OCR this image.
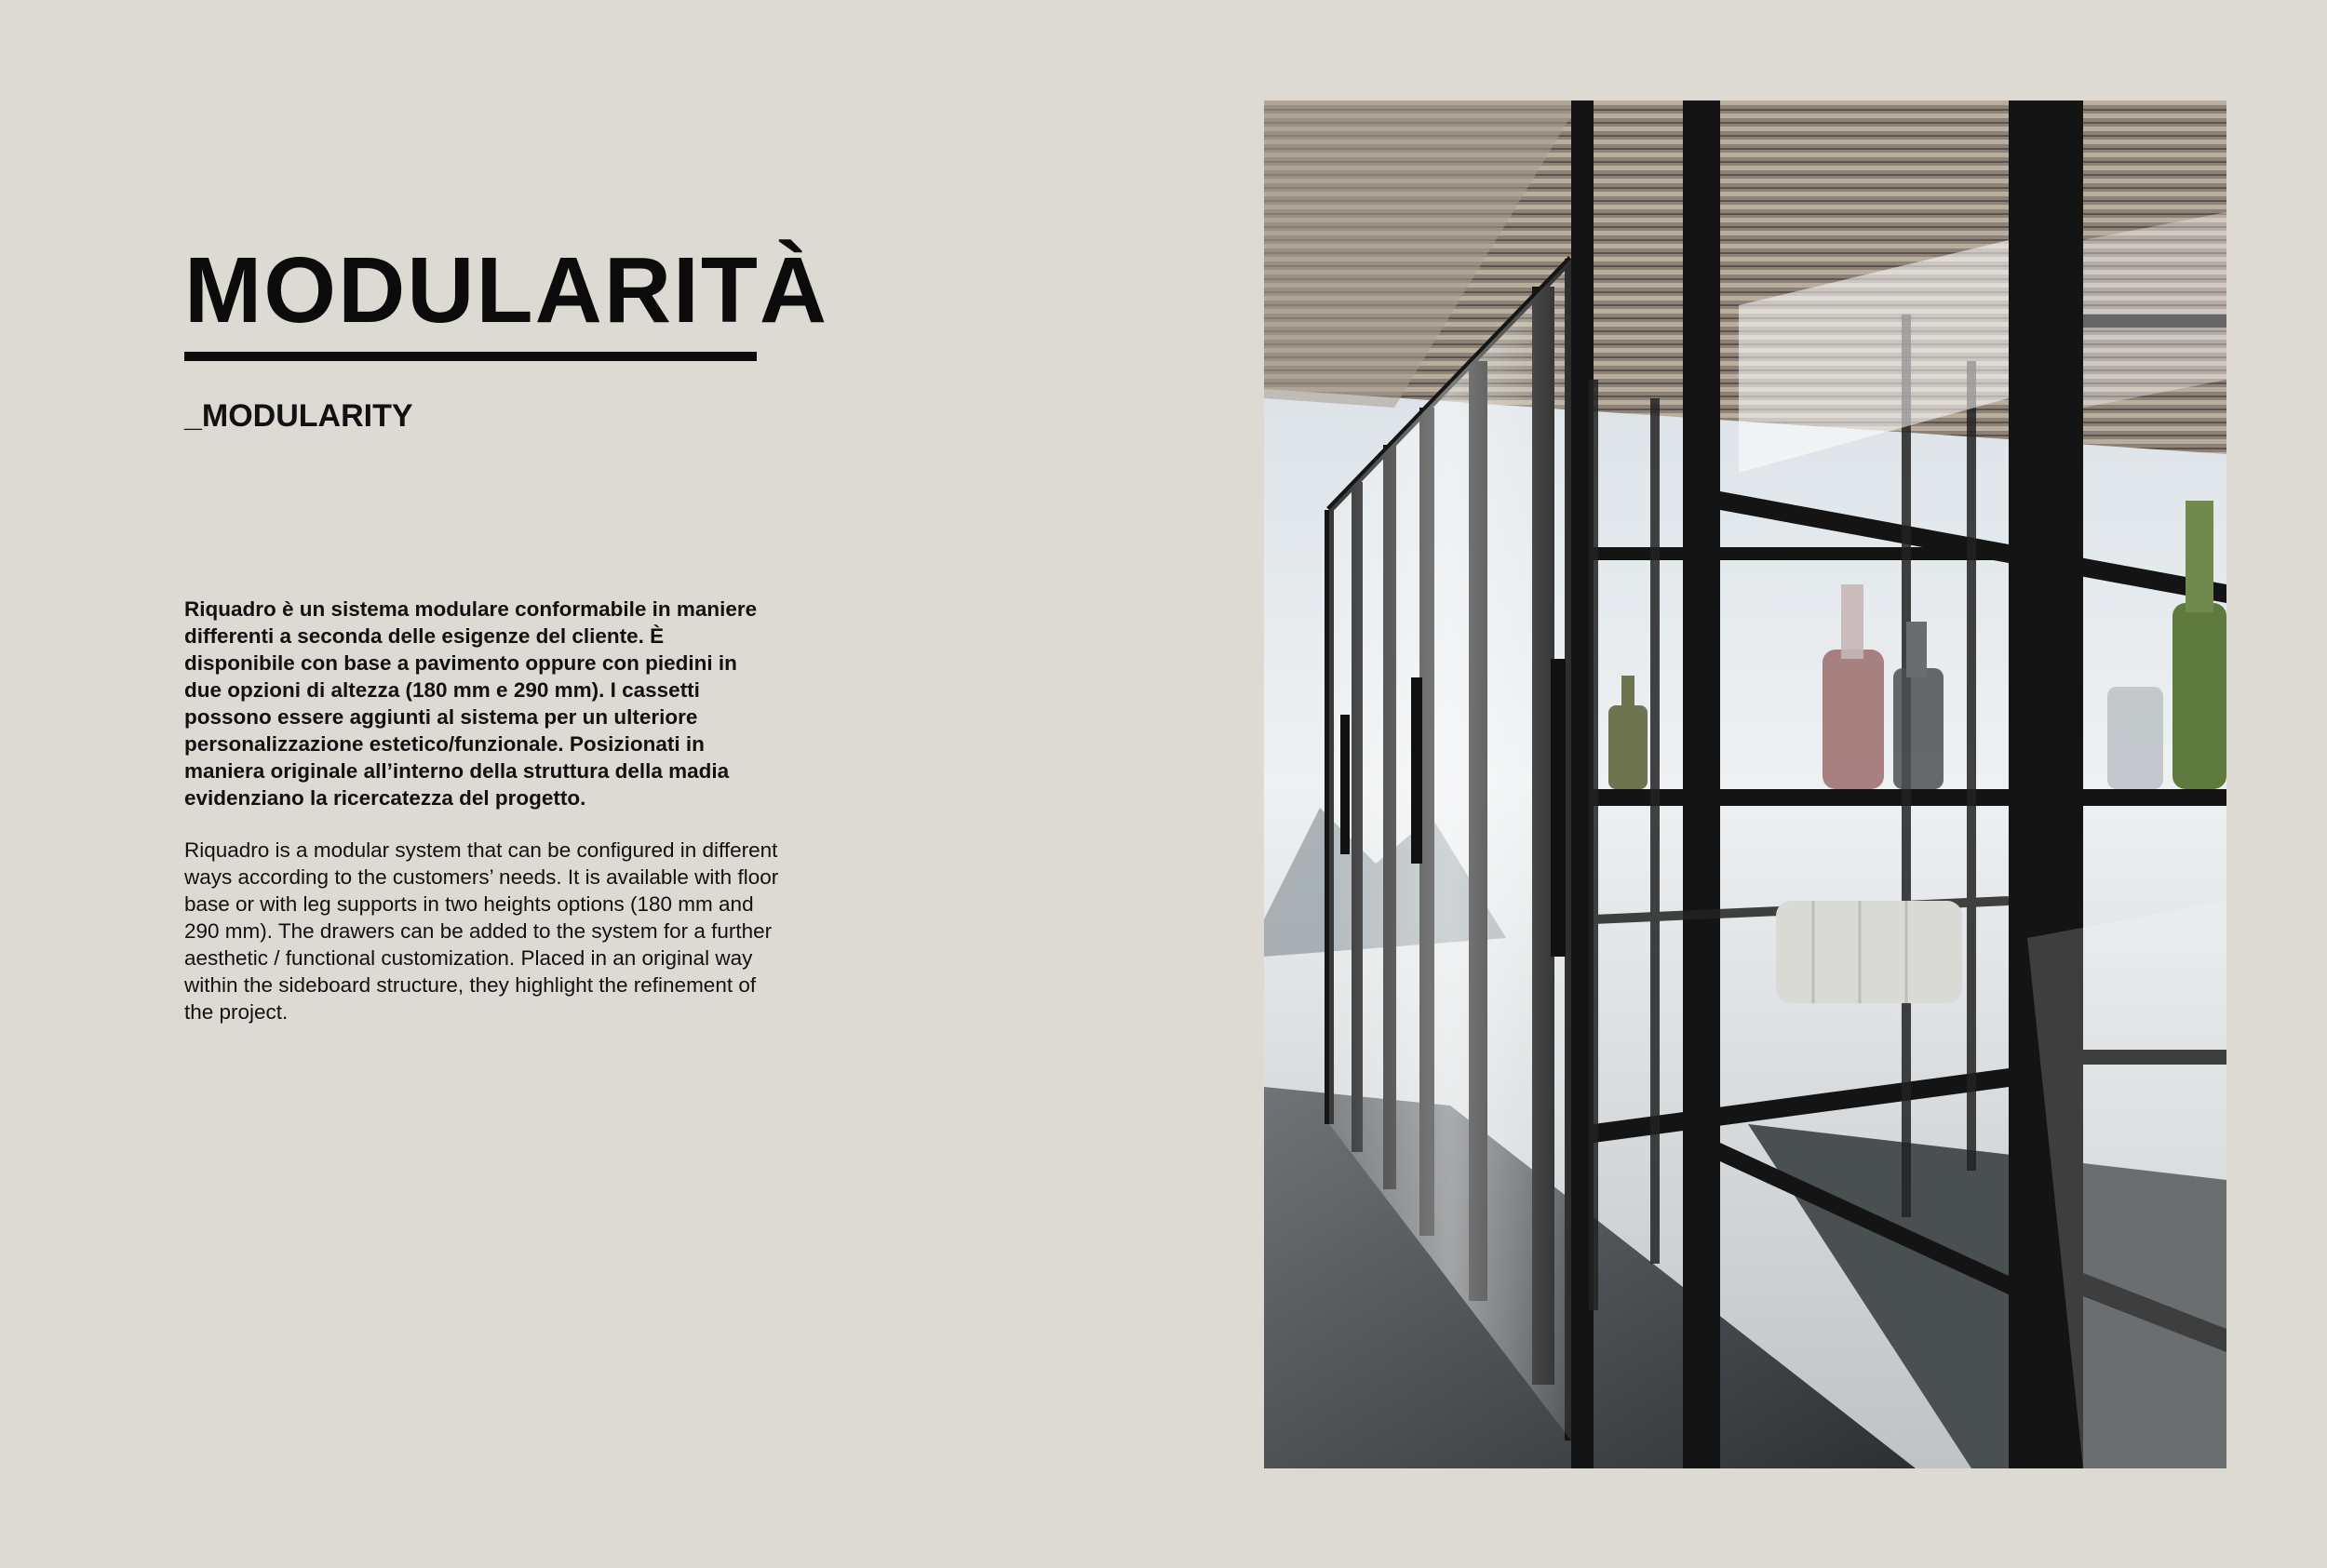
MODULARITÀ
_MODULARITY

Riquadro è un sistema modulare conformabile in maniere differenti a seconda delle esigenze del cliente. È disponibile con base a pavimento oppure con piedini in due opzioni di altezza (180 mm e 290 mm). I cassetti possono essere aggiunti al sistema per un ulteriore personalizzazione estetico/funzionale. Posizionati in maniera originale all’interno della struttura della madia evidenziano la ricercatezza del progetto.

Riquadro is a modular system that can be configured in different ways according to the customers’ needs. It is available with floor base or with leg supports in two heights options (180 mm and 290 mm). The drawers can be added to the system for a further aesthetic / functional customization. Placed in an original way within the sideboard structure, they highlight the refinement of the project.
